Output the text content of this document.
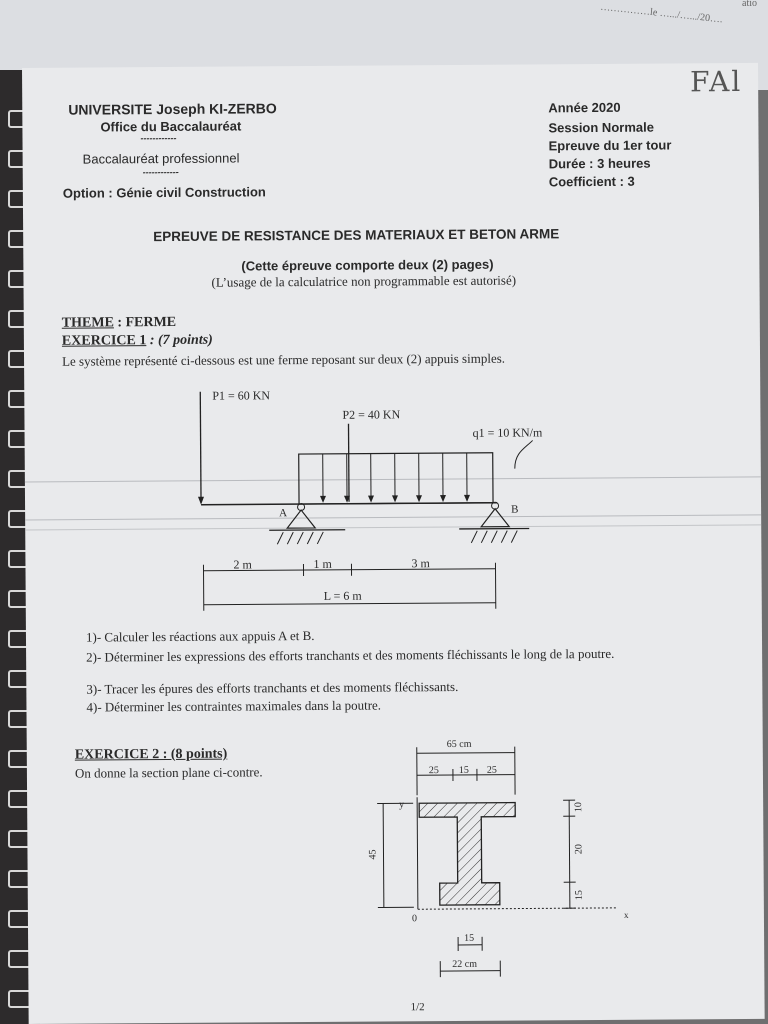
……………le ….../….../20…. atio
FAl
UNIVERSITE Joseph KI-ZERBO
Office du Baccalauréat
------------
Baccalauréat professionnel
------------
Option : Génie civil Construction
Année 2020
Session Normale
Epreuve du 1er tour
Durée : 3 heures
Coefficient : 3
EPREUVE DE RESISTANCE DES MATERIAUX ET BETON ARME
(Cette épreuve comporte deux (2) pages)
(L’usage de la calculatrice non programmable est autorisé)
THEME : FERME
EXERCICE 1 : (7 points)
Le système représenté ci-dessous est une ferme reposant sur deux (2) appuis simples.
P1 = 60 KN
P2 = 40 KN
q1 = 10 KN/m
A	B
2 m	1 m	3 m
L = 6 m
1)- Calculer les réactions aux appuis A et B.
2)- Déterminer les expressions des efforts tranchants et des moments fléchissants le long de la poutre.
3)- Tracer les épures des efforts tranchants et des moments fléchissants.
4)- Déterminer les contraintes maximales dans la poutre.
EXERCICE 2 : (8 points)
On donne la section plane ci-contre.
65 cm
25 15 25
y
x
0
45
10
20
15
15
22 cm
1/2
